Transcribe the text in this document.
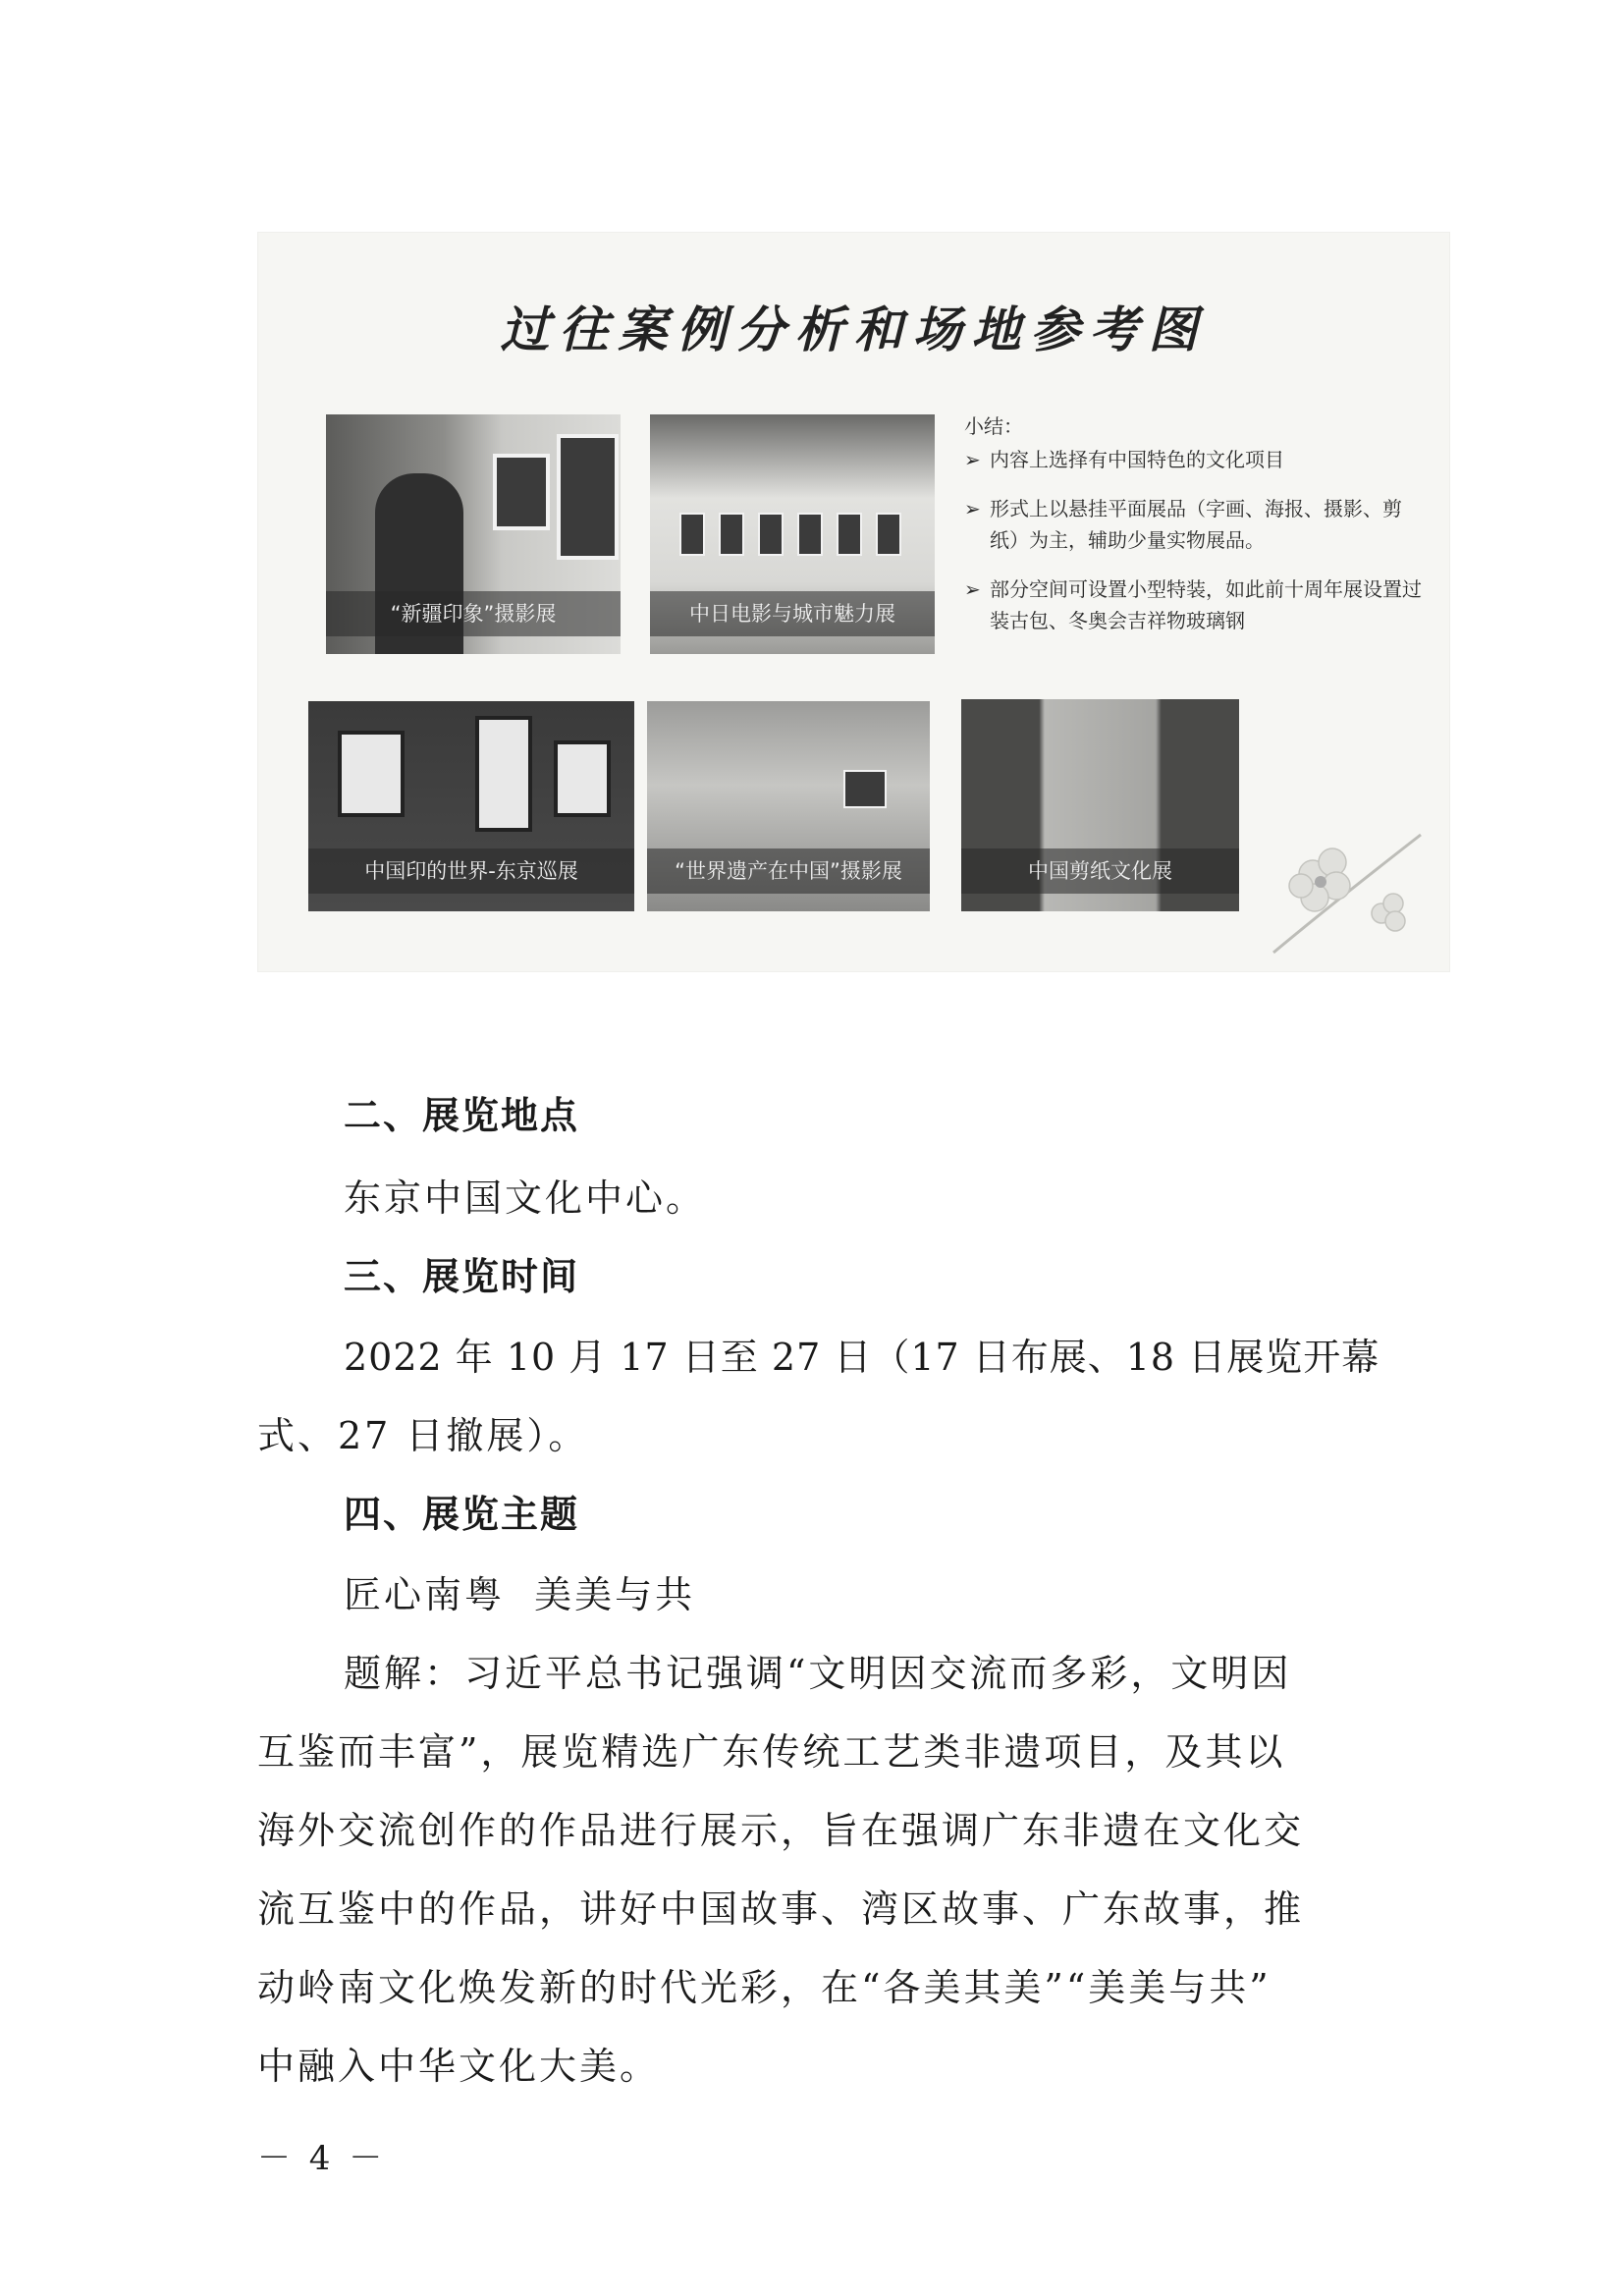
过往案例分析和场地参考图
“新疆印象”摄影展	中日电影与城市魅力展
中国印的世界-东京巡展	“世界遗产在中国”摄影展	中国剪纸文化展
小结：
➢ 内容上选择有中国特色的文化项目
➢ 形式上以悬挂平面展品（字画、海报、摄影、剪纸）为主，辅助少量实物展品。
➢ 部分空间可设置小型特装，如此前十周年展设置过装古包、冬奥会吉祥物玻璃钢
二、展览地点
东京中国文化中心。
三、展览时间
2022 年 10 月 17 日至 27 日（17 日布展、18 日展览开幕
式、27 日撤展）。
四、展览主题
匠心南粤  美美与共
题解：习近平总书记强调“文明因交流而多彩，文明因
互鉴而丰富”，展览精选广东传统工艺类非遗项目，及其以
海外交流创作的作品进行展示，旨在强调广东非遗在文化交
流互鉴中的作品，讲好中国故事、湾区故事、广东故事，推
动岭南文化焕发新的时代光彩，在“各美其美”“美美与共”
中融入中华文化大美。
－ 4 －
